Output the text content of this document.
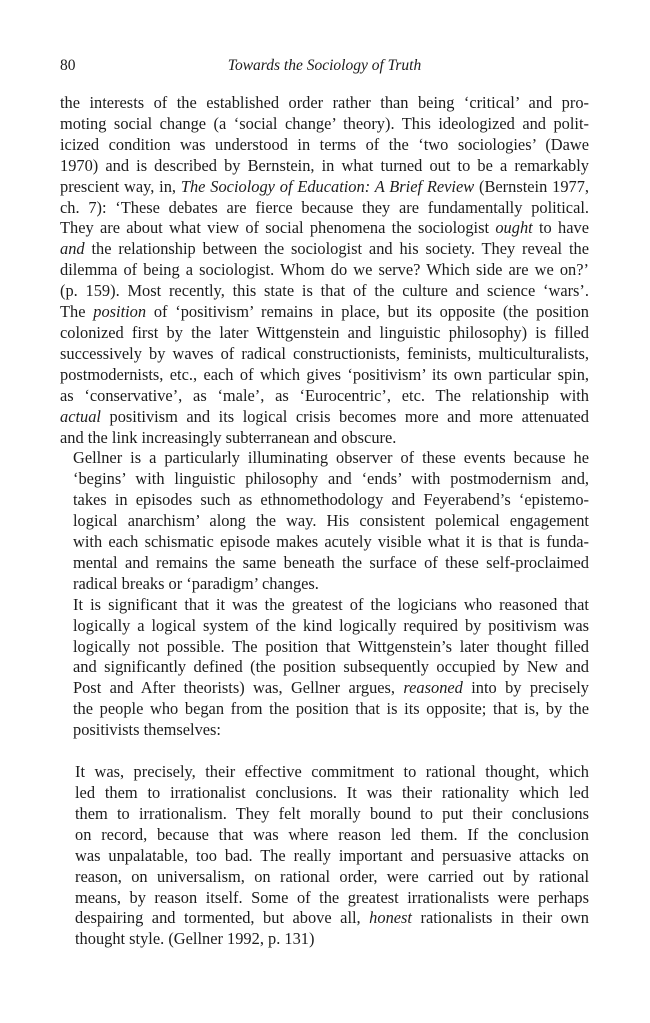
80	Towards the Sociology of Truth

the interests of the established order rather than being ‘critical’ and pro-
moting social change (a ‘social change’ theory). This ideologized and polit-
icized condition was understood in terms of the ‘two sociologies’ (Dawe
1970) and is described by Bernstein, in what turned out to be a remarkably
prescient way, in, The Sociology of Education: A Brief Review (Bernstein 1977,
ch. 7): ‘These debates are fierce because they are fundamentally political.
They are about what view of social phenomena the sociologist ought to have
and the relationship between the sociologist and his society. They reveal the
dilemma of being a sociologist. Whom do we serve? Which side are we on?’
(p. 159). Most recently, this state is that of the culture and science ‘wars’.
The position of ‘positivism’ remains in place, but its opposite (the position
colonized first by the later Wittgenstein and linguistic philosophy) is filled
successively by waves of radical constructionists, feminists, multiculturalists,
postmodernists, etc., each of which gives ‘positivism’ its own particular spin,
as ‘conservative’, as ‘male’, as ‘Eurocentric’, etc. The relationship with
actual positivism and its logical crisis becomes more and more attenuated
and the link increasingly subterranean and obscure.

Gellner is a particularly illuminating observer of these events because he
‘begins’ with linguistic philosophy and ‘ends’ with postmodernism and,
takes in episodes such as ethnomethodology and Feyerabend’s ‘epistemo-
logical anarchism’ along the way. His consistent polemical engagement
with each schismatic episode makes acutely visible what it is that is funda-
mental and remains the same beneath the surface of these self-proclaimed
radical breaks or ‘paradigm’ changes.

It is significant that it was the greatest of the logicians who reasoned that
logically a logical system of the kind logically required by positivism was
logically not possible. The position that Wittgenstein’s later thought filled
and significantly defined (the position subsequently occupied by New and
Post and After theorists) was, Gellner argues, reasoned into by precisely
the people who began from the position that is its opposite; that is, by the
positivists themselves:

It was, precisely, their effective commitment to rational thought, which
led them to irrationalist conclusions. It was their rationality which led
them to irrationalism. They felt morally bound to put their conclusions
on record, because that was where reason led them. If the conclusion
was unpalatable, too bad. The really important and persuasive attacks on
reason, on universalism, on rational order, were carried out by rational
means, by reason itself. Some of the greatest irrationalists were perhaps
despairing and tormented, but above all, honest rationalists in their own
thought style. (Gellner 1992, p. 131)
